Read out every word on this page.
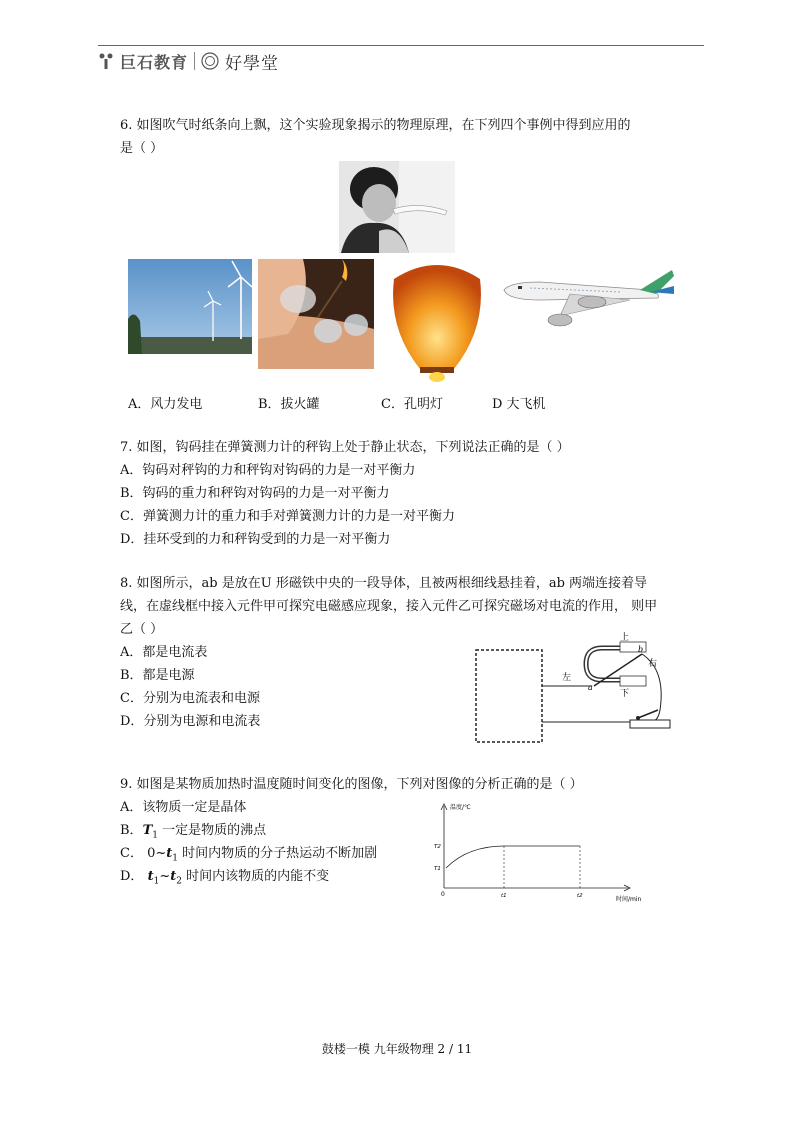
巨石教育 好學堂
6. 如图吹气时纸条向上飘，这个实验现象揭示的物理原理，在下列四个事例中得到应用的
是（ ）
A．风力发电	B．拔火罐	C．孔明灯	D 大飞机
7. 如图，钩码挂在弹簧测力计的秤钩上处于静止状态，下列说法正确的是（ ）
A．钩码对秤钩的力和秤钩对钩码的力是一对平衡力
B．钩码的重力和秤钩对钩码的力是一对平衡力
C．弹簧测力计的重力和手对弹簧测力计的力是一对平衡力
D．挂环受到的力和秤钩受到的力是一对平衡力
8. 如图所示，ab 是放在U 形磁铁中央的一段导体，且被两根细线悬挂着，ab 两端连接着导
线，在虚线框中接入元件甲可探究电磁感应现象，接入元件乙可探究磁场对电流的作用， 则甲
乙（ ）
A．都是电流表
B．都是电源
C．分别为电流表和电源
D．分别为电源和电流表
上
下
左
右
a
b
9. 如图是某物质加热时温度随时间变化的图像，下列对图像的分析正确的是（ ）
A．该物质一定是晶体
B．$T_1$ 一定是物质的沸点
C． $0\sim t_1$ 时间内物质的分子热运动不断加剧
D． $t_1\sim t_2$ 时间内该物质的内能不变
温度/℃
时间/min
0
T2
T1
t1	t2
鼓楼一模 九年级物理 2 / 11
